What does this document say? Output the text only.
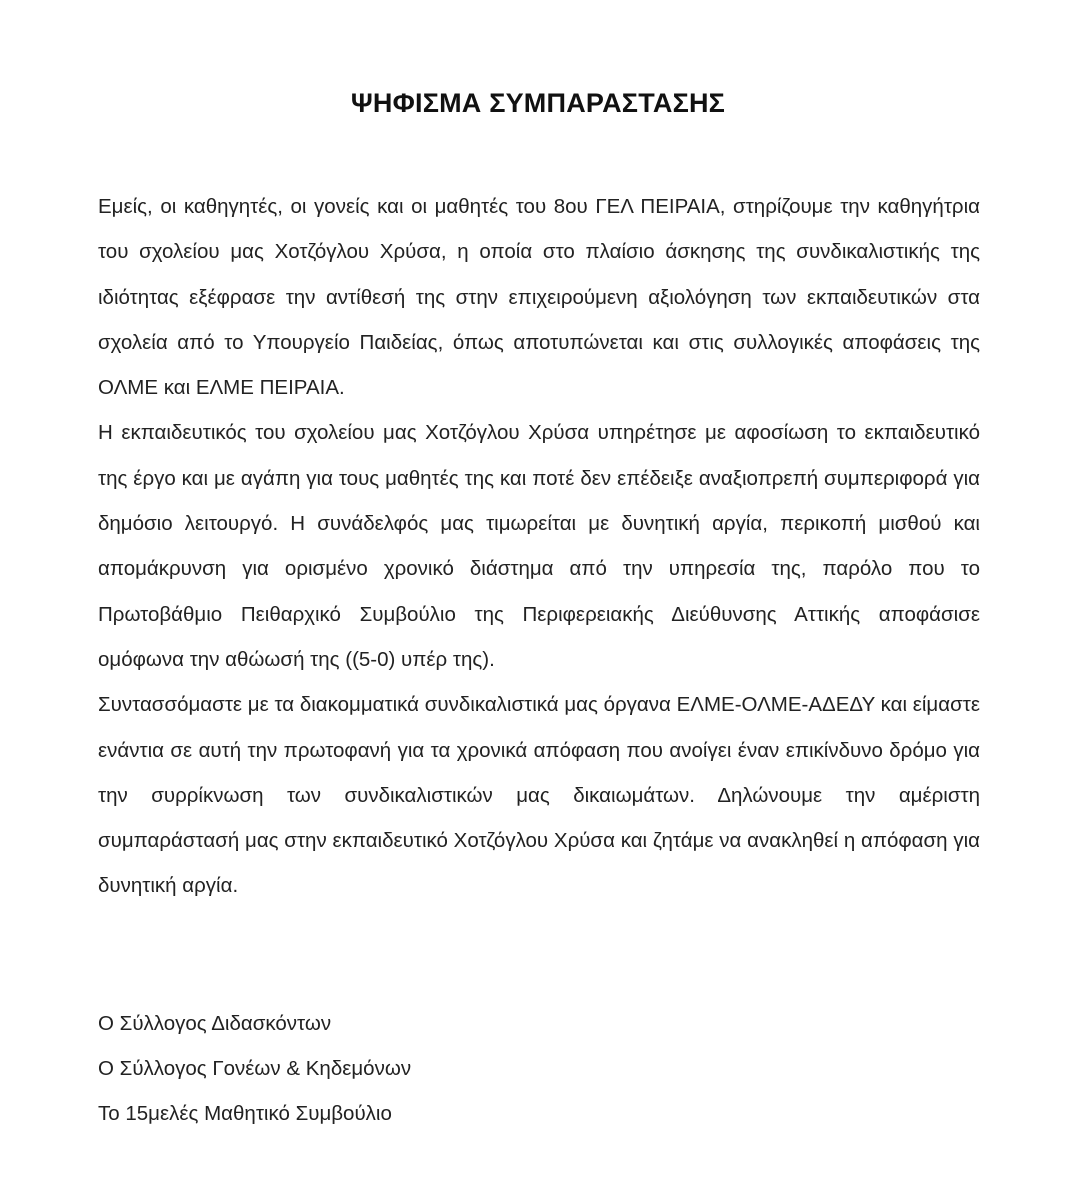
ΨΗΦΙΣΜΑ ΣΥΜΠΑΡΑΣΤΑΣΗΣ

Εμείς, οι καθηγητές, οι γονείς και οι μαθητές του 8ου ΓΕΛ ΠΕΙΡΑΙΑ, στηρίζουμε την καθηγήτρια του σχολείου μας Χοτζόγλου Χρύσα, η οποία στο πλαίσιο άσκησης της συνδικαλιστικής της ιδιότητας εξέφρασε την αντίθεσή της στην επιχειρούμενη αξιολόγηση των εκπαιδευτικών στα σχολεία από το Υπουργείο Παιδείας, όπως αποτυπώνεται και στις συλλογικές αποφάσεις της ΟΛΜΕ και ΕΛΜΕ ΠΕΙΡΑΙΑ.

Η εκπαιδευτικός του σχολείου μας Χοτζόγλου Χρύσα υπηρέτησε με αφοσίωση το εκπαιδευτικό της έργο και με αγάπη για τους μαθητές της και ποτέ δεν επέδειξε αναξιοπρεπή συμπεριφορά για δημόσιο λειτουργό. Η συνάδελφός μας τιμωρείται με δυνητική αργία, περικοπή μισθού και απομάκρυνση για ορισμένο χρονικό διάστημα από την υπηρεσία της, παρόλο που το Πρωτοβάθμιο Πειθαρχικό Συμβούλιο της Περιφερειακής Διεύθυνσης Αττικής αποφάσισε ομόφωνα την αθώωσή της ((5-0) υπέρ της).

Συντασσόμαστε με τα διακομματικά συνδικαλιστικά μας όργανα ΕΛΜΕ-ΟΛΜΕ-ΑΔΕΔΥ και είμαστε ενάντια σε αυτή την πρωτοφανή για τα χρονικά απόφαση που ανοίγει έναν επικίνδυνο δρόμο για την συρρίκνωση των συνδικαλιστικών μας δικαιωμάτων. Δηλώνουμε την αμέριστη συμπαράστασή μας στην εκπαιδευτικό Χοτζόγλου Χρύσα και ζητάμε να ανακληθεί η απόφαση για δυνητική αργία.

Ο Σύλλογος Διδασκόντων
Ο Σύλλογος Γονέων & Κηδεμόνων
Το 15μελές Μαθητικό Συμβούλιο
